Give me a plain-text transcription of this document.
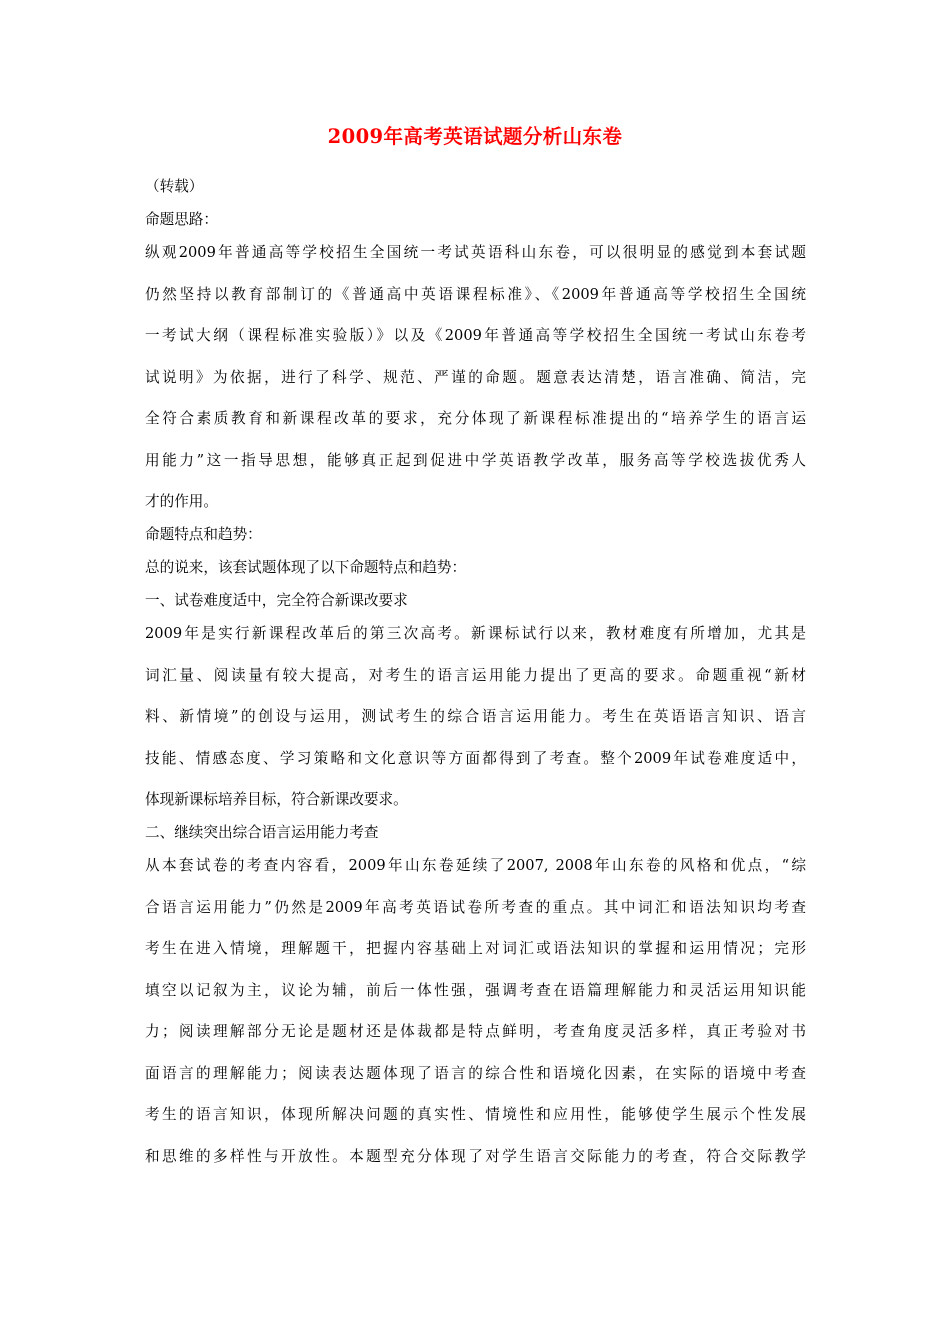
2009年高考英语试题分析山东卷
（转载）
命题思路：
纵观2009年普通高等学校招生全国统一考试英语科山东卷，可以很明显的感觉到本套试题
仍然坚持以教育部制订的《普通高中英语课程标准》、《2009年普通高等学校招生全国统
一考试大纲（课程标准实验版）》以及《2009年普通高等学校招生全国统一考试山东卷考
试说明》为依据，进行了科学、规范、严谨的命题。题意表达清楚，语言准确、简洁，完
全符合素质教育和新课程改革的要求，充分体现了新课程标准提出的“培养学生的语言运
用能力”这一指导思想，能够真正起到促进中学英语教学改革，服务高等学校选拔优秀人
才的作用。
命题特点和趋势：
总的说来，该套试题体现了以下命题特点和趋势：
一、试卷难度适中，完全符合新课改要求
2009年是实行新课程改革后的第三次高考。新课标试行以来，教材难度有所增加，尤其是
词汇量、阅读量有较大提高，对考生的语言运用能力提出了更高的要求。命题重视“新材
料、新情境”的创设与运用，测试考生的综合语言运用能力。考生在英语语言知识、语言
技能、情感态度、学习策略和文化意识等方面都得到了考查。整个2009年试卷难度适中，
体现新课标培养目标，符合新课改要求。
二、继续突出综合语言运用能力考查
从本套试卷的考查内容看，2009年山东卷延续了2007, 2008年山东卷的风格和优点，“综
合语言运用能力”仍然是2009年高考英语试卷所考查的重点。其中词汇和语法知识均考查
考生在进入情境，理解题干，把握内容基础上对词汇或语法知识的掌握和运用情况；完形
填空以记叙为主，议论为辅，前后一体性强，强调考查在语篇理解能力和灵活运用知识能
力；阅读理解部分无论是题材还是体裁都是特点鲜明，考查角度灵活多样，真正考验对书
面语言的理解能力；阅读表达题体现了语言的综合性和语境化因素，在实际的语境中考查
考生的语言知识，体现所解决问题的真实性、情境性和应用性，能够使学生展示个性发展
和思维的多样性与开放性。本题型充分体现了对学生语言交际能力的考查，符合交际教学
